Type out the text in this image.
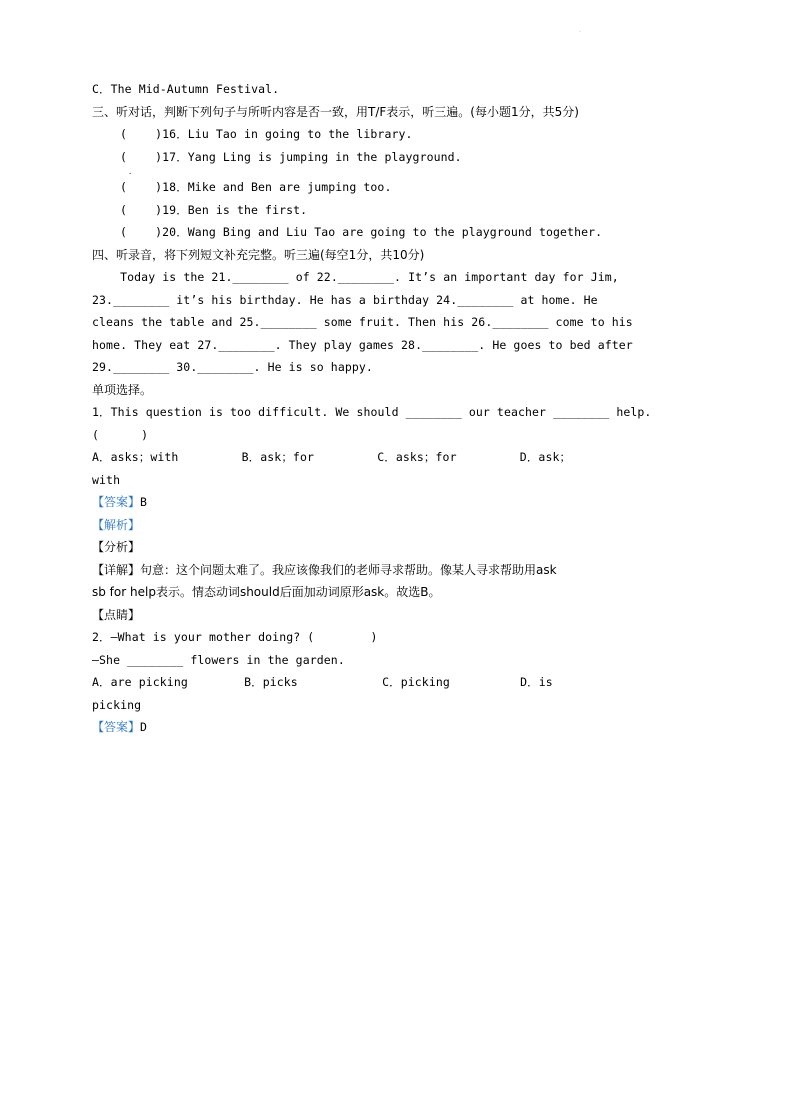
·
C．The Mid-Autumn Festival.
三、听对话，判断下列句子与所听内容是否一致，用T/F表示，听三遍。(每小题1分，共5分)
(    )16．Liu Tao in going to the library.
(    )17．Yang Ling is jumping in the playground.
.
(    )18．Mike and Ben are jumping too.
(    )19．Ben is the first.
(    )20．Wang Bing and Liu Tao are going to the playground together.
四、听录音，将下列短文补充完整。听三遍(每空1分，共10分)
Today is the 21.________ of 22.________. It’s an important day for Jim,
23.________ it’s his birthday. He has a birthday 24.________ at home. He
cleans the table and 25.________ some fruit. Then his 26.________ come to his
home. They eat 27.________. They play games 28.________. He goes to bed after
29.________ 30.________. He is so happy.
单项选择。
1．This question is too difficult. We should ________ our teacher ________ help.
(      )
A．asks；with         B．ask；for         C．asks；for         D．ask；
with
【答案】B
【解析】
【分析】
【详解】句意：这个问题太难了。我应该像我们的老师寻求帮助。像某人寻求帮助用ask
sb for help表示。情态动词should后面加动词原形ask。故选B。
【点睛】
2．—What is your mother doing? (        )
—She ________ flowers in the garden.
A．are picking        B．picks            C．picking          D．is
picking
【答案】D
